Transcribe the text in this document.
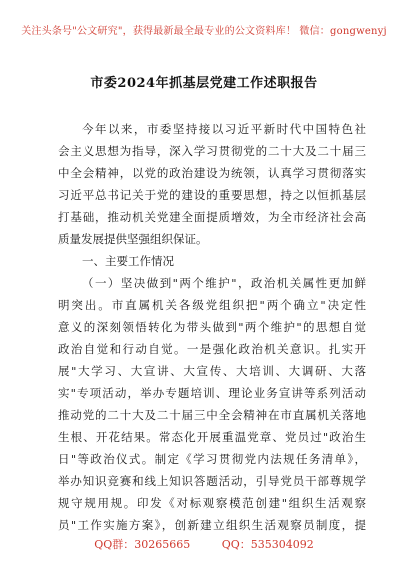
关注头条号"公文研究"，获得最新最全最专业的公文资料库！ 微信：gongwenyj
市委2024年抓基层党建工作述职报告
今年以来，市委坚持接以习近平新时代中国特色社
会主义思想为指导，深入学习贯彻党的二十大及二十届三
中全会精神，以党的政治建设为统领，认真学习贯彻落实
习近平总书记关于党的建设的重要思想，持之以恒抓基层
打基础，推动机关党建全面提质增效，为全市经济社会高
质量发展提供坚强组织保证。
一、主要工作情况
（一）坚决做到"两个维护"，政治机关属性更加鲜
明突出。市直属机关各级党组织把"两个确立"决定性
意义的深刻领悟转化为带头做到"两个维护"的思想自觉
政治自觉和行动自觉。一是强化政治机关意识。扎实开
展"大学习、大宣讲、大宣传、大培训、大调研、大落
实"专项活动，举办专题培训、理论业务宣讲等系列活动
推动党的二十大及二十届三中全会精神在市直属机关落地
生根、开花结果。常态化开展重温党章、党员过"政治生
日"等政治仪式。制定《学习贯彻党内法规任务清单》，
举办知识竞赛和线上知识答题活动，引导党员干部尊规学
规守规用规。印发《对标观察模范创建"组织生活观察
员"工作实施方案》，创新建立组织生活观察员制度，提
QQ群：30265665	QQ：535304092
